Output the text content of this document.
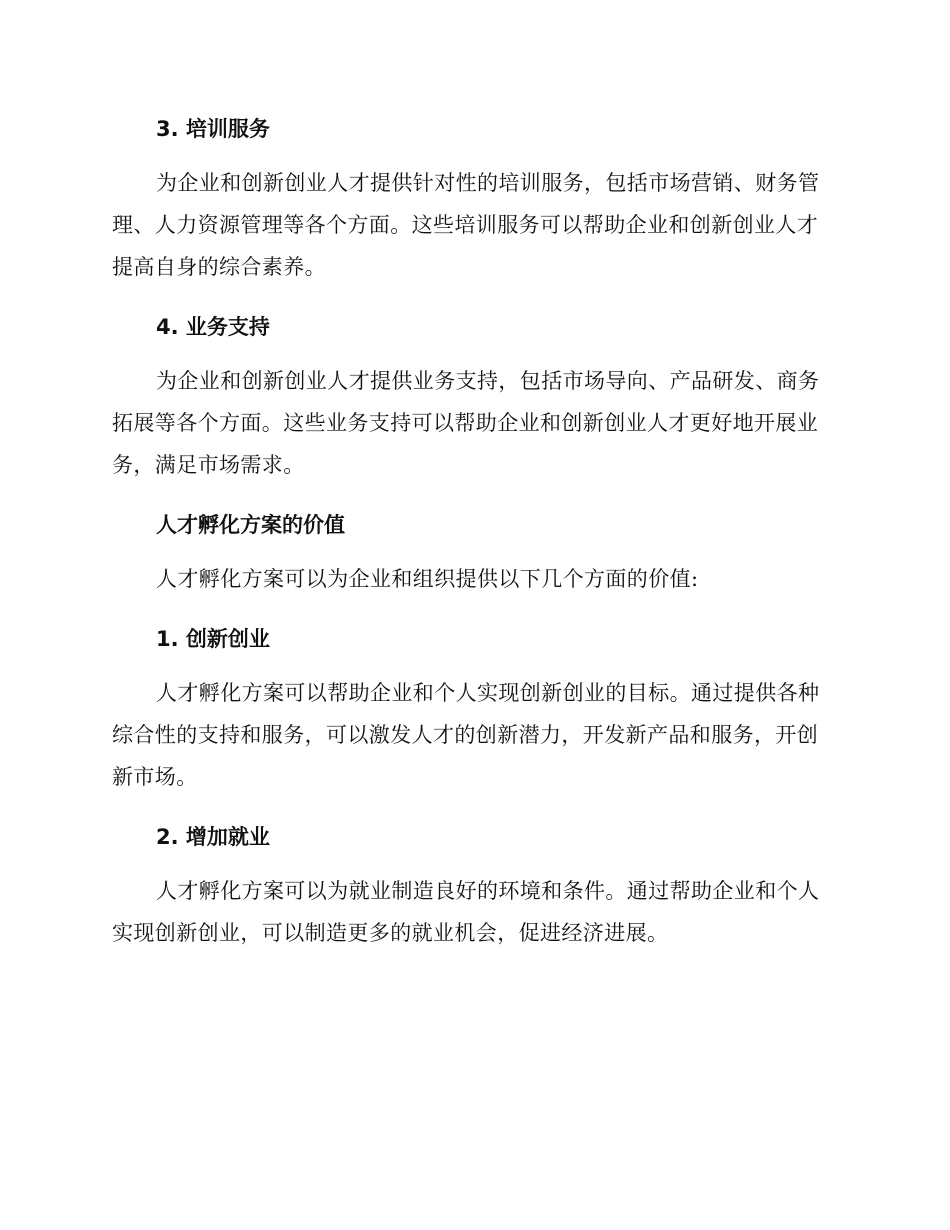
3. 培训服务

为企业和创新创业人才提供针对性的培训服务，包括市场营销、财务管理、人力资源管理等各个方面。这些培训服务可以帮助企业和创新创业人才提高自身的综合素养。

4. 业务支持

为企业和创新创业人才提供业务支持，包括市场导向、产品研发、商务拓展等各个方面。这些业务支持可以帮助企业和创新创业人才更好地开展业务，满足市场需求。

人才孵化方案的价值

人才孵化方案可以为企业和组织提供以下几个方面的价值:

1. 创新创业

人才孵化方案可以帮助企业和个人实现创新创业的目标。通过提供各种综合性的支持和服务，可以激发人才的创新潜力，开发新产品和服务，开创新市场。

2. 增加就业

人才孵化方案可以为就业制造良好的环境和条件。通过帮助企业和个人实现创新创业，可以制造更多的就业机会，促进经济进展。
